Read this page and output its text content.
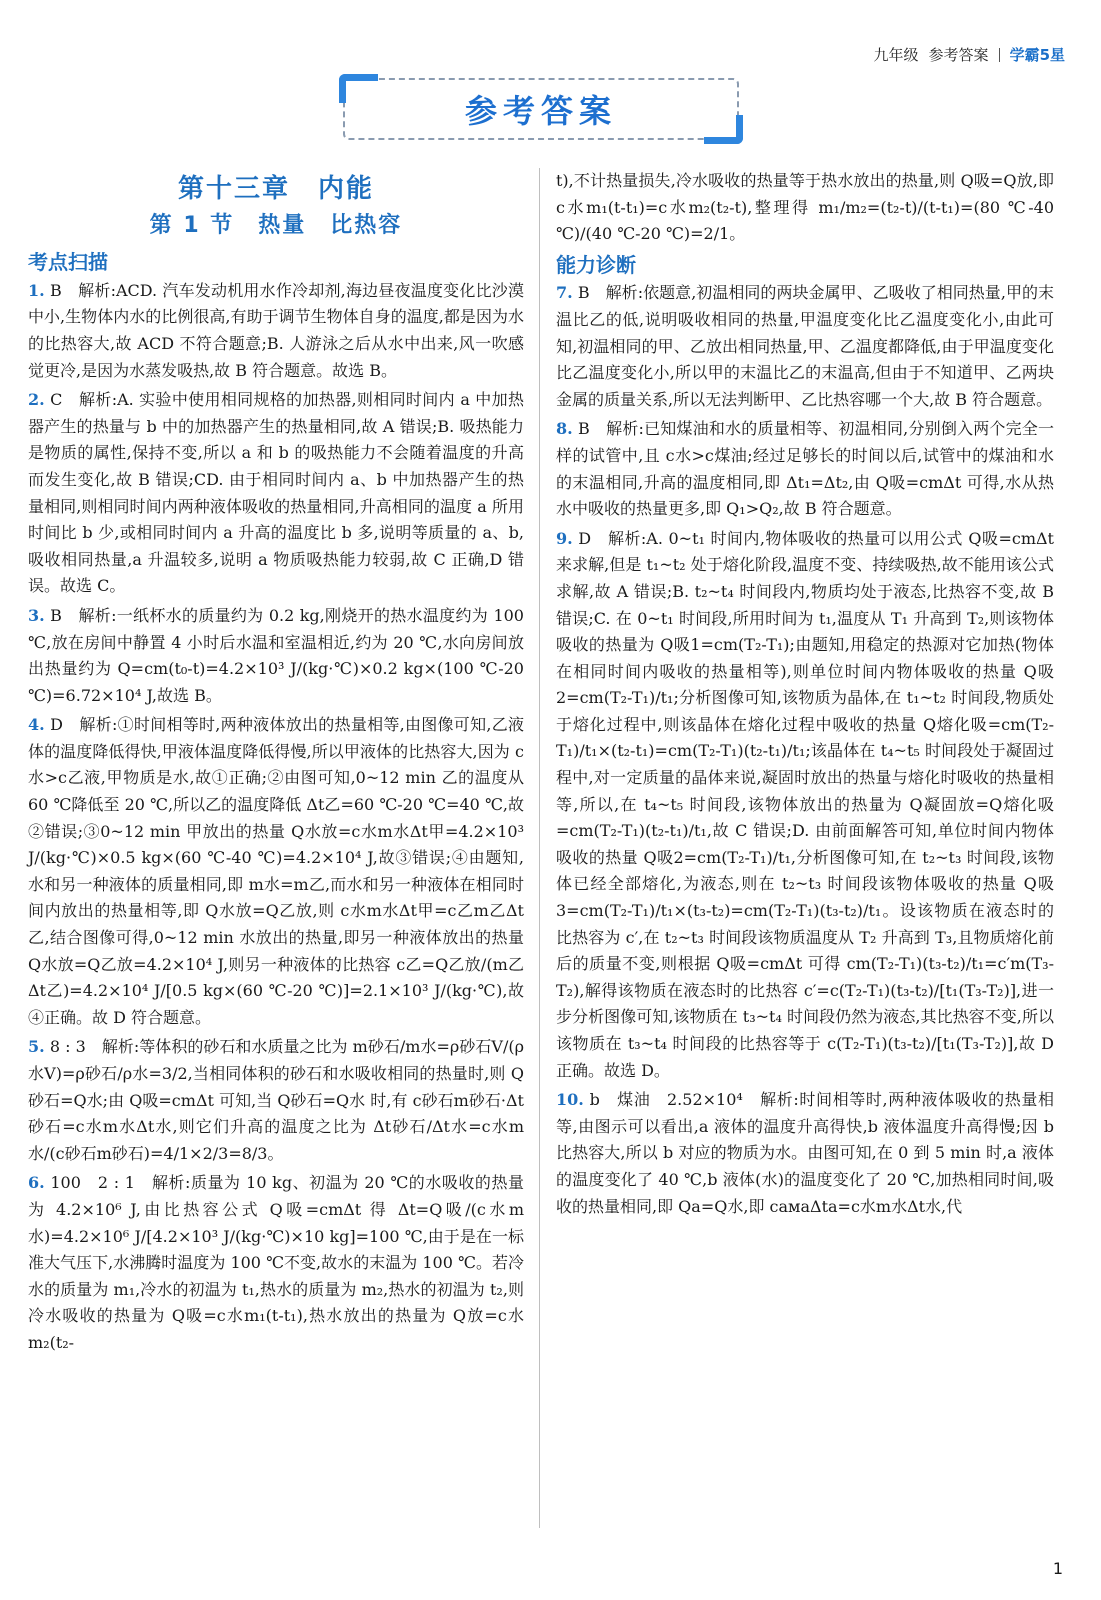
九年级 参考答案 学霸5星
参考答案
第十三章　内能
第 1 节　热量　比热容
考点扫描
1. B　解析:ACD. 汽车发动机用水作冷却剂,海边昼夜温度变化比沙漠中小,生物体内水的比例很高,有助于调节生物体自身的温度,都是因为水的比热容大,故 ACD 不符合题意;B. 人游泳之后从水中出来,风一吹感觉更冷,是因为水蒸发吸热,故 B 符合题意。故选 B。
2. C　解析:A. 实验中使用相同规格的加热器,则相同时间内 a 中加热器产生的热量与 b 中的加热器产生的热量相同,故 A 错误;B. 吸热能力是物质的属性,保持不变,所以 a 和 b 的吸热能力不会随着温度的升高而发生变化,故 B 错误;CD. 由于相同时间内 a、b 中加热器产生的热量相同,则相同时间内两种液体吸收的热量相同,升高相同的温度 a 所用时间比 b 少,或相同时间内 a 升高的温度比 b 多,说明等质量的 a、b,吸收相同热量,a 升温较多,说明 a 物质吸热能力较弱,故 C 正确,D 错误。故选 C。
3. B　解析:一纸杯水的质量约为 0.2 kg,刚烧开的热水温度约为 100 ℃,放在房间中静置 4 小时后水温和室温相近,约为 20 ℃,水向房间放出热量约为 Q=cm(t₀-t)=4.2×10³ J/(kg·℃)×0.2 kg×(100 ℃-20 ℃)=6.72×10⁴ J,故选 B。
4. D　解析:①时间相等时,两种液体放出的热量相等,由图像可知,乙液体的温度降低得快,甲液体温度降低得慢,所以甲液体的比热容大,因为 c水>c乙液,甲物质是水,故①正确;②由图可知,0~12 min 乙的温度从 60 ℃降低至 20 ℃,所以乙的温度降低 Δt乙=60 ℃-20 ℃=40 ℃,故②错误;③0~12 min 甲放出的热量 Q水放=c水m水Δt甲=4.2×10³ J/(kg·℃)×0.5 kg×(60 ℃-40 ℃)=4.2×10⁴ J,故③错误;④由题知,水和另一种液体的质量相同,即 m水=m乙,而水和另一种液体在相同时间内放出的热量相等,即 Q水放=Q乙放,则 c水m水Δt甲=c乙m乙Δt乙,结合图像可得,0~12 min 水放出的热量,即另一种液体放出的热量 Q水放=Q乙放=4.2×10⁴ J,则另一种液体的比热容 c乙=Q乙放/(m乙Δt乙)=4.2×10⁴ J/[0.5 kg×(60 ℃-20 ℃)]=2.1×10³ J/(kg·℃),故④正确。故 D 符合题意。
5. 8 : 3　解析:等体积的砂石和水质量之比为 m砂石/m水=ρ砂石V/(ρ水V)=ρ砂石/ρ水=3/2,当相同体积的砂石和水吸收相同的热量时,则 Q砂石=Q水;由 Q吸=cmΔt 可知,当 Q砂石=Q水 时,有 c砂石m砂石·Δt砂石=c水m水Δt水,则它们升高的温度之比为 Δt砂石/Δt水=c水m水/(c砂石m砂石)=4/1×2/3=8/3。
6. 100　2 : 1　解析:质量为 10 kg、初温为 20 ℃的水吸收的热量为 4.2×10⁶ J,由比热容公式 Q吸=cmΔt 得 Δt=Q吸/(c水m水)=4.2×10⁶ J/[4.2×10³ J/(kg·℃)×10 kg]=100 ℃,由于是在一标准大气压下,水沸腾时温度为 100 ℃不变,故水的末温为 100 ℃。若冷水的质量为 m₁,冷水的初温为 t₁,热水的质量为 m₂,热水的初温为 t₂,则冷水吸收的热量为 Q吸=c水m₁(t-t₁),热水放出的热量为 Q放=c水m₂(t₂-
t),不计热量损失,冷水吸收的热量等于热水放出的热量,则 Q吸=Q放,即 c水m₁(t-t₁)=c水m₂(t₂-t),整理得 m₁/m₂=(t₂-t)/(t-t₁)=(80 ℃-40 ℃)/(40 ℃-20 ℃)=2/1。
能力诊断
7. B　解析:依题意,初温相同的两块金属甲、乙吸收了相同热量,甲的末温比乙的低,说明吸收相同的热量,甲温度变化比乙温度变化小,由此可知,初温相同的甲、乙放出相同热量,甲、乙温度都降低,由于甲温度变化比乙温度变化小,所以甲的末温比乙的末温高,但由于不知道甲、乙两块金属的质量关系,所以无法判断甲、乙比热容哪一个大,故 B 符合题意。
8. B　解析:已知煤油和水的质量相等、初温相同,分别倒入两个完全一样的试管中,且 c水>c煤油;经过足够长的时间以后,试管中的煤油和水的末温相同,升高的温度相同,即 Δt₁=Δt₂,由 Q吸=cmΔt 可得,水从热水中吸收的热量更多,即 Q₁>Q₂,故 B 符合题意。
9. D　解析:A. 0~t₁ 时间内,物体吸收的热量可以用公式 Q吸=cmΔt 来求解,但是 t₁~t₂ 处于熔化阶段,温度不变、持续吸热,故不能用该公式求解,故 A 错误;B. t₂~t₄ 时间段内,物质均处于液态,比热容不变,故 B 错误;C. 在 0~t₁ 时间段,所用时间为 t₁,温度从 T₁ 升高到 T₂,则该物体吸收的热量为 Q吸1=cm(T₂-T₁);由题知,用稳定的热源对它加热(物体在相同时间内吸收的热量相等),则单位时间内物体吸收的热量 Q吸2=cm(T₂-T₁)/t₁;分析图像可知,该物质为晶体,在 t₁~t₂ 时间段,物质处于熔化过程中,则该晶体在熔化过程中吸收的热量 Q熔化吸=cm(T₂-T₁)/t₁×(t₂-t₁)=cm(T₂-T₁)(t₂-t₁)/t₁;该晶体在 t₄~t₅ 时间段处于凝固过程中,对一定质量的晶体来说,凝固时放出的热量与熔化时吸收的热量相等,所以,在 t₄~t₅ 时间段,该物体放出的热量为 Q凝固放=Q熔化吸=cm(T₂-T₁)(t₂-t₁)/t₁,故 C 错误;D. 由前面解答可知,单位时间内物体吸收的热量 Q吸2=cm(T₂-T₁)/t₁,分析图像可知,在 t₂~t₃ 时间段,该物体已经全部熔化,为液态,则在 t₂~t₃ 时间段该物体吸收的热量 Q吸3=cm(T₂-T₁)/t₁×(t₃-t₂)=cm(T₂-T₁)(t₃-t₂)/t₁。设该物质在液态时的比热容为 c′,在 t₂~t₃ 时间段该物质温度从 T₂ 升高到 T₃,且物质熔化前后的质量不变,则根据 Q吸=cmΔt 可得 cm(T₂-T₁)(t₃-t₂)/t₁=c′m(T₃-T₂),解得该物质在液态时的比热容 c′=c(T₂-T₁)(t₃-t₂)/[t₁(T₃-T₂)],进一步分析图像可知,该物质在 t₃~t₄ 时间段仍然为液态,其比热容不变,所以该物质在 t₃~t₄ 时间段的比热容等于 c(T₂-T₁)(t₃-t₂)/[t₁(T₃-T₂)],故 D 正确。故选 D。
10. b　煤油　2.52×10⁴　解析:时间相等时,两种液体吸收的热量相等,由图示可以看出,a 液体的温度升高得快,b 液体温度升高得慢;因 b 比热容大,所以 b 对应的物质为水。由图可知,在 0 到 5 min 时,a 液体的温度变化了 40 ℃,b 液体(水)的温度变化了 20 ℃,加热相同时间,吸收的热量相同,即 Qa=Q水,即 caмaΔta=c水m水Δt水,代
1
